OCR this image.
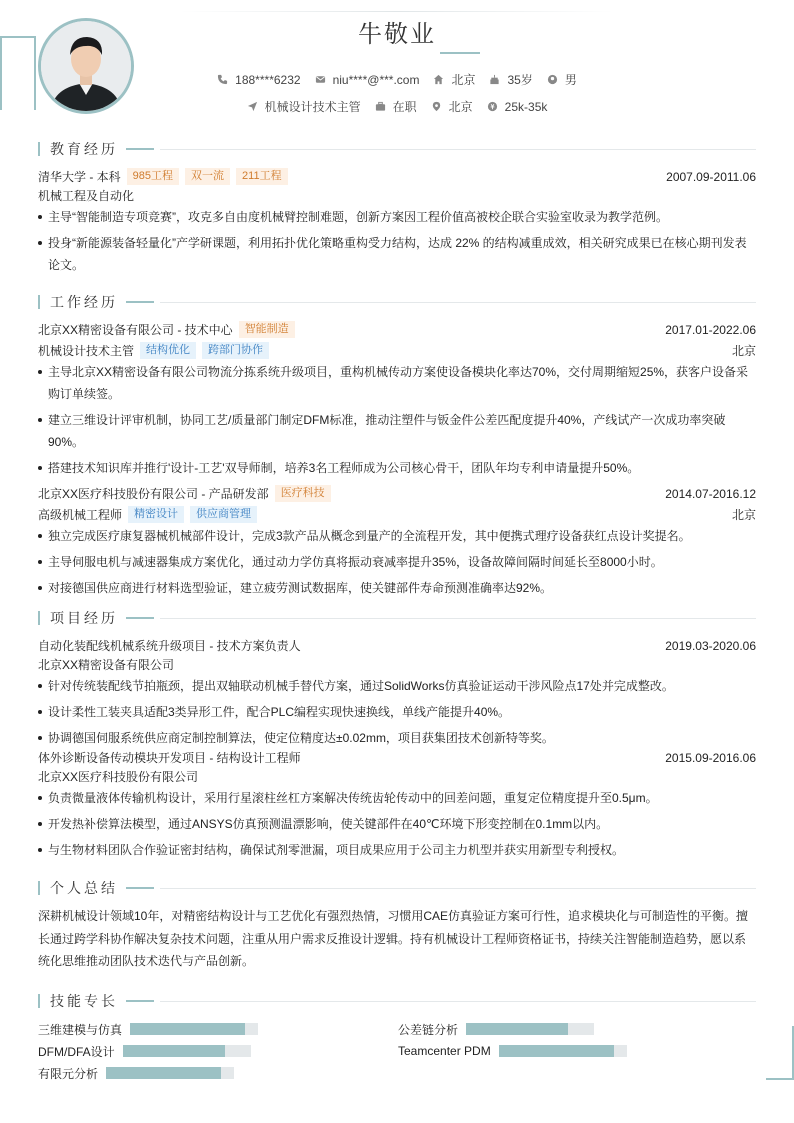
牛敬业
188****6232	niu****@***.com	北京	35岁	男
机械设计技术主管	在职	北京	25k-35k
教育经历
清华大学 - 本科	985工程	双一流	211工程	2007.09-2011.06
机械工程及自动化
主导“智能制造专项竞赛”，攻克多自由度机械臂控制难题，创新方案因工程价值高被校企联合实验室收录为教学范例。
投身“新能源装备轻量化”产学研课题，利用拓扑优化策略重构受力结构，达成 22% 的结构减重成效，相关研究成果已在核心期刊发表论文。
工作经历
北京XX精密设备有限公司 - 技术中心	智能制造	2017.01-2022.06
机械设计技术主管	结构优化	跨部门协作	北京
主导北京XX精密设备有限公司物流分拣系统升级项目，重构机械传动方案使设备模块化率达70%，交付周期缩短25%，获客户设备采购订单续签。
建立三维设计评审机制，协同工艺/质量部门制定DFM标准，推动注塑件与钣金件公差匹配度提升40%，产线试产一次成功率突破90%。
搭建技术知识库并推行'设计-工艺'双导师制，培养3名工程师成为公司核心骨干，团队年均专利申请量提升50%。
北京XX医疗科技股份有限公司 - 产品研发部	医疗科技	2014.07-2016.12
高级机械工程师	精密设计	供应商管理	北京
独立完成医疗康复器械机械部件设计，完成3款产品从概念到量产的全流程开发，其中便携式理疗设备获红点设计奖提名。
主导伺服电机与减速器集成方案优化，通过动力学仿真将振动衰减率提升35%，设备故障间隔时间延长至8000小时。
对接德国供应商进行材料选型验证，建立疲劳测试数据库，使关键部件寿命预测准确率达92%。
项目经历
自动化装配线机械系统升级项目 - 技术方案负责人	2019.03-2020.06
北京XX精密设备有限公司
针对传统装配线节拍瓶颈，提出双轴联动机械手替代方案，通过SolidWorks仿真验证运动干涉风险点17处并完成整改。
设计柔性工装夹具适配3类异形工件，配合PLC编程实现快速换线，单线产能提升40%。
协调德国伺服系统供应商定制控制算法，使定位精度达±0.02mm，项目获集团技术创新特等奖。
体外诊断设备传动模块开发项目 - 结构设计工程师	2015.09-2016.06
北京XX医疗科技股份有限公司
负责微量液体传输机构设计，采用行星滚柱丝杠方案解决传统齿轮传动中的回差问题，重复定位精度提升至0.5μm。
开发热补偿算法模型，通过ANSYS仿真预测温漂影响，使关键部件在40℃环境下形变控制在0.1mm以内。
与生物材料团队合作验证密封结构，确保试剂零泄漏，项目成果应用于公司主力机型并获实用新型专利授权。
个人总结
深耕机械设计领域10年，对精密结构设计与工艺优化有强烈热情，习惯用CAE仿真验证方案可行性，追求模块化与可制造性的平衡。擅长通过跨学科协作解决复杂技术问题，注重从用户需求反推设计逻辑。持有机械设计工程师资格证书，持续关注智能制造趋势，愿以系统化思维推动团队技术迭代与产品创新。
技能专长
三维建模与仿真	公差链分析
DFM/DFA设计	Teamcenter PDM
有限元分析
